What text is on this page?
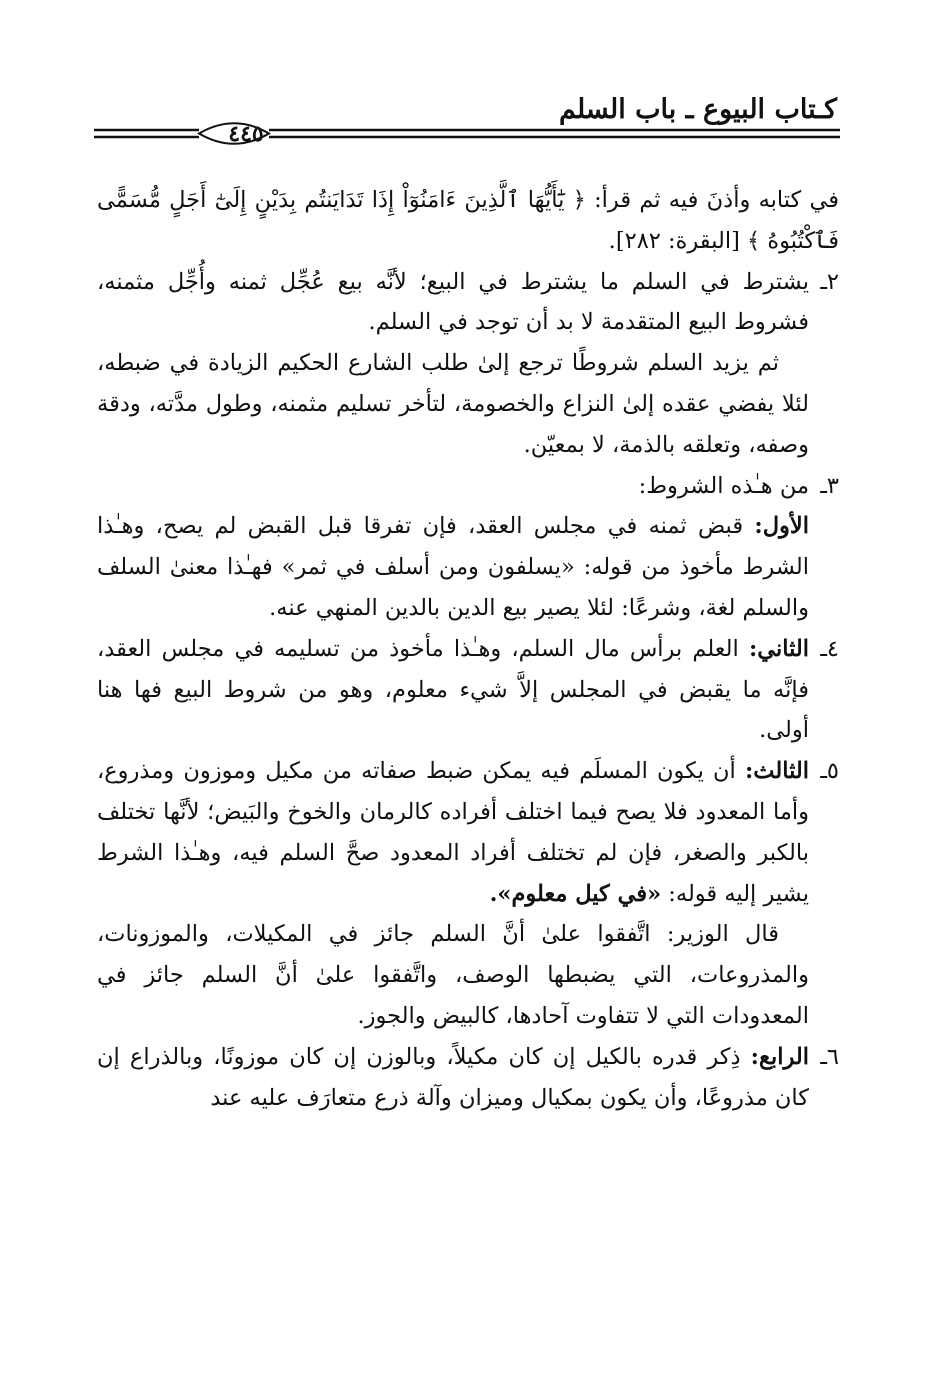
كـتاب البيوع ـ باب السلم
٤٤٥

في كتابه وأذنَ فيه ثم قرأ: ﴿ يَٰٓأَيُّهَا ٱلَّذِينَ ءَامَنُوٓاْ إِذَا تَدَايَنتُم بِدَيْنٍ إِلَىٰٓ أَجَلٍ مُّسَمًّى فَٱكْتُبُوهُ ﴾ [البقرة: ٢٨٢].

٢ـيشترط في السلم ما يشترط في البيع؛ لأنَّه بيع عُجِّل ثمنه وأُجِّل مثمنه، فشروط البيع المتقدمة لا بد أن توجد في السلم.

ثم يزيد السلم شروطًا ترجع إلىٰ طلب الشارع الحكيم الزيادة في ضبطه، لئلا يفضي عقده إلىٰ النزاع والخصومة، لتأخر تسليم مثمنه، وطول مدَّته، ودقة وصفه، وتعلقه بالذمة، لا بمعيّن.

٣ـمن هـٰذه الشروط:

الأول: قبض ثمنه في مجلس العقد، فإن تفرقا قبل القبض لم يصح، وهـٰذا الشرط مأخوذ من قوله: «يسلفون ومن أسلف في ثمر» فهـٰذا معنىٰ السلف والسلم لغة، وشرعًا: لئلا يصير بيع الدين بالدين المنهي عنه.

٤ـالثاني: العلم برأس مال السلم، وهـٰذا مأخوذ من تسليمه في مجلس العقد، فإنَّه ما يقبض في المجلس إلاَّ شيء معلوم، وهو من شروط البيع فها هنا أولى.

٥ـالثالث: أن يكون المسلَم فيه يمكن ضبط صفاته من مكيل وموزون ومذروع، وأما المعدود فلا يصح فيما اختلف أفراده كالرمان والخوخ والبَيض؛ لأنَّها تختلف بالكبر والصغر، فإن لم تختلف أفراد المعدود صحَّ السلم فيه، وهـٰذا الشرط يشير إليه قوله: «في كيل معلوم».

قال الوزير: اتَّفقوا علىٰ أنَّ السلم جائز في المكيلات، والموزونات، والمذروعات، التي يضبطها الوصف، واتَّفقوا علىٰ أنَّ السلم جائز في المعدودات التي لا تتفاوت آحادها، كالبيض والجوز.

٦ـالرابع: ذِكر قدره بالكيل إن كان مكيلاً، وبالوزن إن كان موزونًا، وبالذراع إن كان مذروعًا، وأن يكون بمكيال وميزان وآلة ذرع متعارَف عليه عند
